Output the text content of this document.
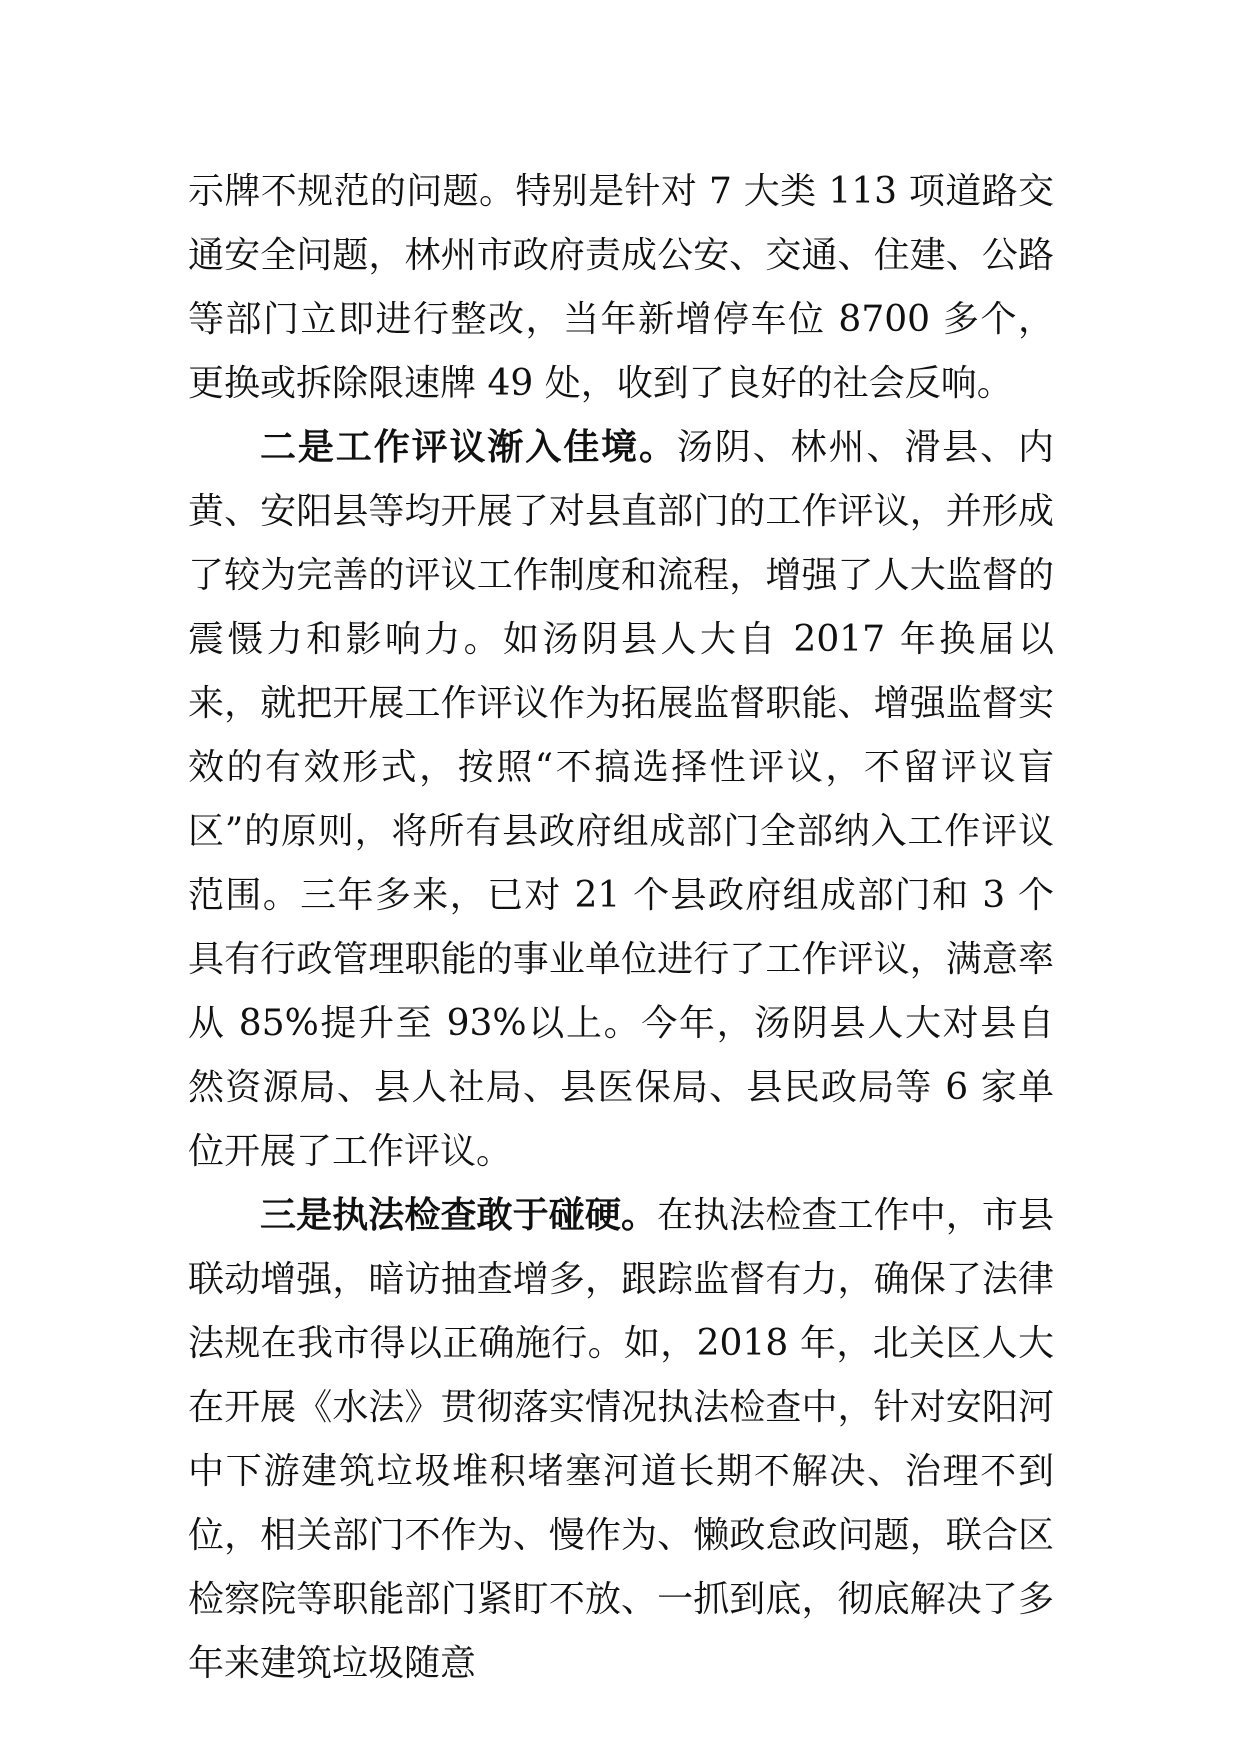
示牌不规范的问题。特别是针对 7 大类 113 项道路交通安全问题，林州市政府责成公安、交通、住建、公路等部门立即进行整改，当年新增停车位 8700 多个，更换或拆除限速牌 49 处，收到了良好的社会反响。

二是工作评议渐入佳境。汤阴、林州、滑县、内黄、安阳县等均开展了对县直部门的工作评议，并形成了较为完善的评议工作制度和流程，增强了人大监督的震慑力和影响力。如汤阴县人大自 2017 年换届以来，就把开展工作评议作为拓展监督职能、增强监督实效的有效形式，按照“不搞选择性评议，不留评议盲区”的原则，将所有县政府组成部门全部纳入工作评议范围。三年多来，已对 21 个县政府组成部门和 3 个具有行政管理职能的事业单位进行了工作评议，满意率从 85%提升至 93%以上。今年，汤阴县人大对县自然资源局、县人社局、县医保局、县民政局等 6 家单位开展了工作评议。

三是执法检查敢于碰硬。在执法检查工作中，市县联动增强，暗访抽查增多，跟踪监督有力，确保了法律法规在我市得以正确施行。如，2018 年，北关区人大在开展《水法》贯彻落实情况执法检查中，针对安阳河中下游建筑垃圾堆积堵塞河道长期不解决、治理不到位，相关部门不作为、慢作为、懒政怠政问题，联合区检察院等职能部门紧盯不放、一抓到底，彻底解决了多年来建筑垃圾随意
